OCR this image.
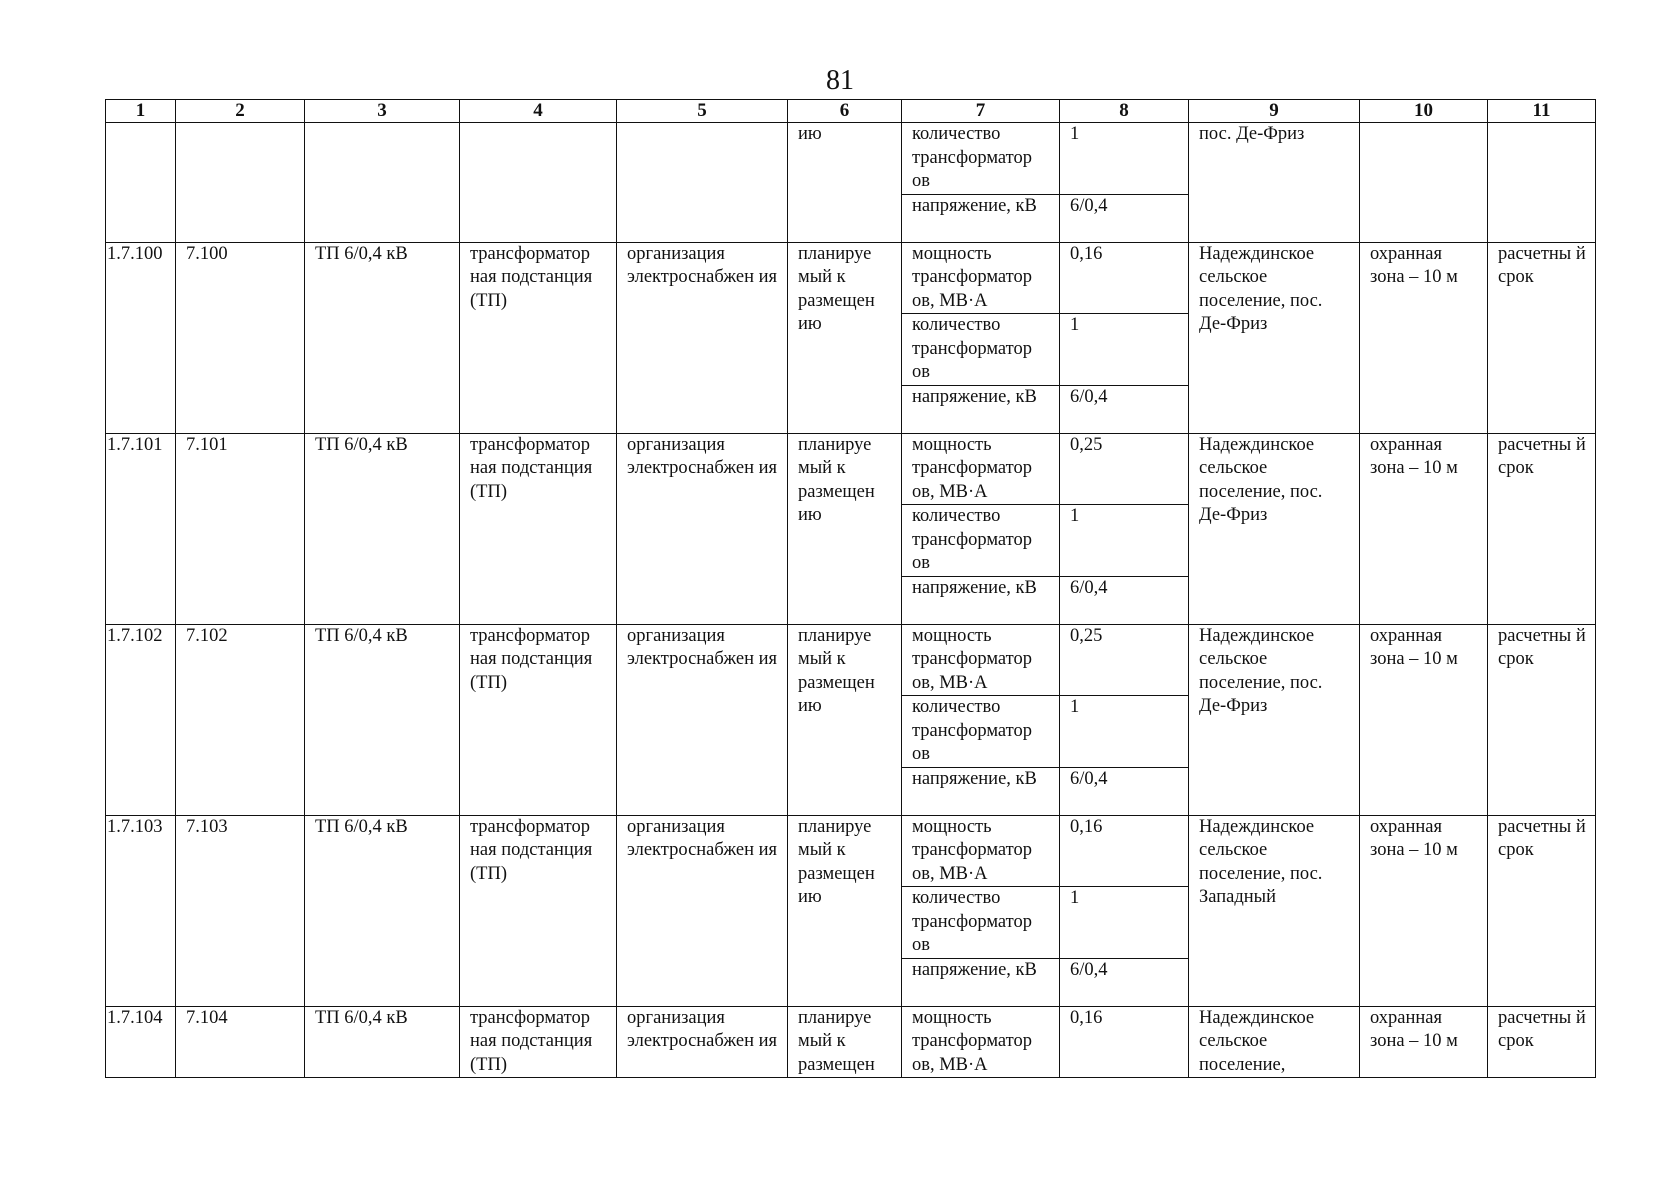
81
1	2	3	4	5	6	7	8	9	10	11
					ию	количество трансформатор ов	1	пос. Де-Фриз		
						напряжение, кВ	6/0,4			
1.7.100	7.100	ТП 6/0,4 кВ	трансформатор ная подстанция (ТП)	организация электроснабжен ия	планируе мый к размещен ию	мощность трансформатор ов, МВ·А	0,16	Надеждинское сельское поселение, пос. Де-Фриз	охранная зона – 10 м	расчетны й срок
						количество трансформатор ов	1			
						напряжение, кВ	6/0,4			
1.7.101	7.101	ТП 6/0,4 кВ	трансформатор ная подстанция (ТП)	организация электроснабжен ия	планируе мый к размещен ию	мощность трансформатор ов, МВ·А	0,25	Надеждинское сельское поселение, пос. Де-Фриз	охранная зона – 10 м	расчетны й срок
						количество трансформатор ов	1			
						напряжение, кВ	6/0,4			
1.7.102	7.102	ТП 6/0,4 кВ	трансформатор ная подстанция (ТП)	организация электроснабжен ия	планируе мый к размещен ию	мощность трансформатор ов, МВ·А	0,25	Надеждинское сельское поселение, пос. Де-Фриз	охранная зона – 10 м	расчетны й срок
						количество трансформатор ов	1			
						напряжение, кВ	6/0,4			
1.7.103	7.103	ТП 6/0,4 кВ	трансформатор ная подстанция (ТП)	организация электроснабжен ия	планируе мый к размещен ию	мощность трансформатор ов, МВ·А	0,16	Надеждинское сельское поселение, пос. Западный	охранная зона – 10 м	расчетны й срок
						количество трансформатор ов	1			
						напряжение, кВ	6/0,4			
1.7.104	7.104	ТП 6/0,4 кВ	трансформатор ная подстанция (ТП)	организация электроснабжен ия	планируе мый к размещен	мощность трансформатор ов, МВ·А	0,16	Надеждинское сельское поселение,	охранная зона – 10 м	расчетны й срок
